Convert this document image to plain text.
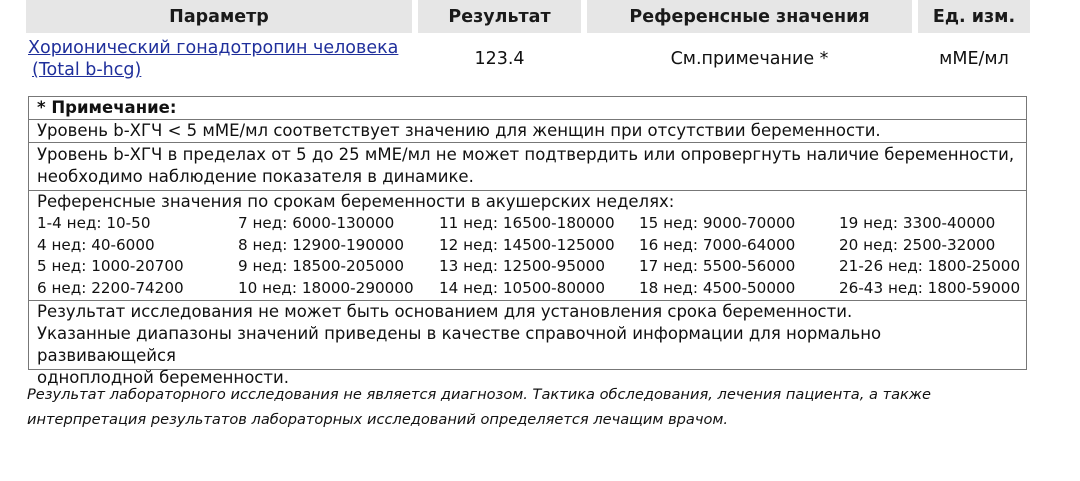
Параметр	Результат	Референсные значения	Ед. изм.
Хорионический гонадотропин человека
(Total b-hcg)
123.4	См.примечание *	мМЕ/мл
* Примечание:
Уровень b-ХГЧ < 5 мМЕ/мл соответствует значению для женщин при отсутствии беременности.
Уровень b-ХГЧ в пределах от 5 до 25 мМЕ/мл не может подтвердить или опровергнуть наличие беременности,
необходимо наблюдение показателя в динамике.
Референсные значения по срокам беременности в акушерских неделях:
1-4 нед: 10-50	7 нед: 6000-130000	11 нед: 16500-180000	15 нед: 9000-70000	19 нед: 3300-40000
4 нед: 40-6000	8 нед: 12900-190000	12 нед: 14500-125000	16 нед: 7000-64000	20 нед: 2500-32000
5 нед: 1000-20700	9 нед: 18500-205000	13 нед: 12500-95000	17 нед: 5500-56000	21-26 нед: 1800-25000
6 нед: 2200-74200	10 нед: 18000-290000	14 нед: 10500-80000	18 нед: 4500-50000	26-43 нед: 1800-59000
Результат исследования не может быть основанием для установления срока беременности.
Указанные диапазоны значений приведены в качестве справочной информации для нормально развивающейся
одноплодной беременности.
Результат лабораторного исследования не является диагнозом. Тактика обследования, лечения пациента, а также
интерпретация результатов лабораторных исследований определяется лечащим врачом.
